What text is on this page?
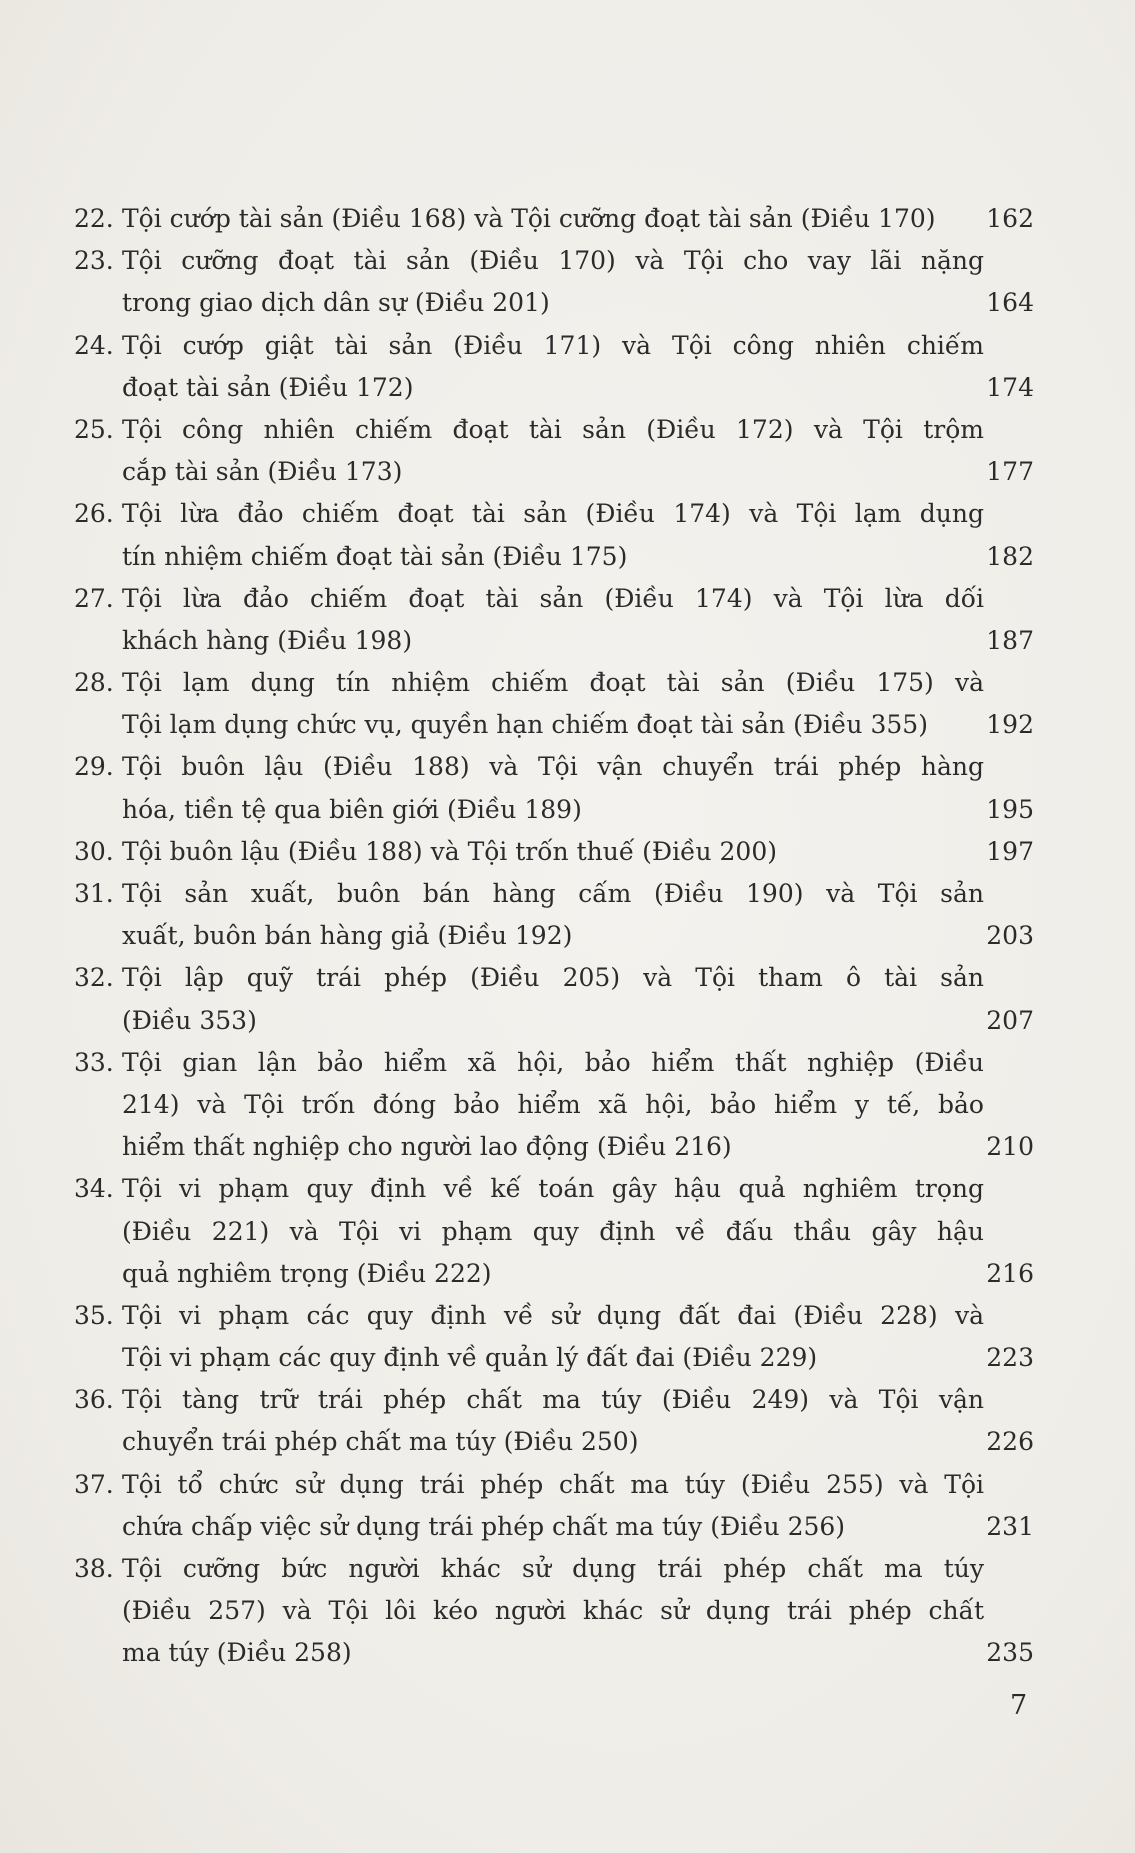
22. Tội cướp tài sản (Điều 168) và Tội cưỡng đoạt tài sản (Điều 170)	162
23. Tội cưỡng đoạt tài sản (Điều 170) và Tội cho vay lãi nặng
trong giao dịch dân sự (Điều 201)	164
24. Tội cướp giật tài sản (Điều 171) và Tội công nhiên chiếm
đoạt tài sản (Điều 172)	174
25. Tội công nhiên chiếm đoạt tài sản (Điều 172) và Tội trộm
cắp tài sản (Điều 173)	177
26. Tội lừa đảo chiếm đoạt tài sản (Điều 174) và Tội lạm dụng
tín nhiệm chiếm đoạt tài sản (Điều 175)	182
27. Tội lừa đảo chiếm đoạt tài sản (Điều 174) và Tội lừa dối
khách hàng (Điều 198)	187
28. Tội lạm dụng tín nhiệm chiếm đoạt tài sản (Điều 175) và
Tội lạm dụng chức vụ, quyền hạn chiếm đoạt tài sản (Điều 355)	192
29. Tội buôn lậu (Điều 188) và Tội vận chuyển trái phép hàng
hóa, tiền tệ qua biên giới (Điều 189)	195
30. Tội buôn lậu (Điều 188) và Tội trốn thuế (Điều 200)	197
31. Tội sản xuất, buôn bán hàng cấm (Điều 190) và Tội sản
xuất, buôn bán hàng giả (Điều 192)	203
32. Tội lập quỹ trái phép (Điều 205) và Tội tham ô tài sản
(Điều 353)	207
33. Tội gian lận bảo hiểm xã hội, bảo hiểm thất nghiệp (Điều
214) và Tội trốn đóng bảo hiểm xã hội, bảo hiểm y tế, bảo
hiểm thất nghiệp cho người lao động (Điều 216)	210
34. Tội vi phạm quy định về kế toán gây hậu quả nghiêm trọng
(Điều 221) và Tội vi phạm quy định về đấu thầu gây hậu
quả nghiêm trọng (Điều 222)	216
35. Tội vi phạm các quy định về sử dụng đất đai (Điều 228) và
Tội vi phạm các quy định về quản lý đất đai (Điều 229)	223
36. Tội tàng trữ trái phép chất ma túy (Điều 249) và Tội vận
chuyển trái phép chất ma túy (Điều 250)	226
37. Tội tổ chức sử dụng trái phép chất ma túy (Điều 255) và Tội
chứa chấp việc sử dụng trái phép chất ma túy (Điều 256)	231
38. Tội cưỡng bức người khác sử dụng trái phép chất ma túy
(Điều 257) và Tội lôi kéo người khác sử dụng trái phép chất
ma túy (Điều 258)	235
7
